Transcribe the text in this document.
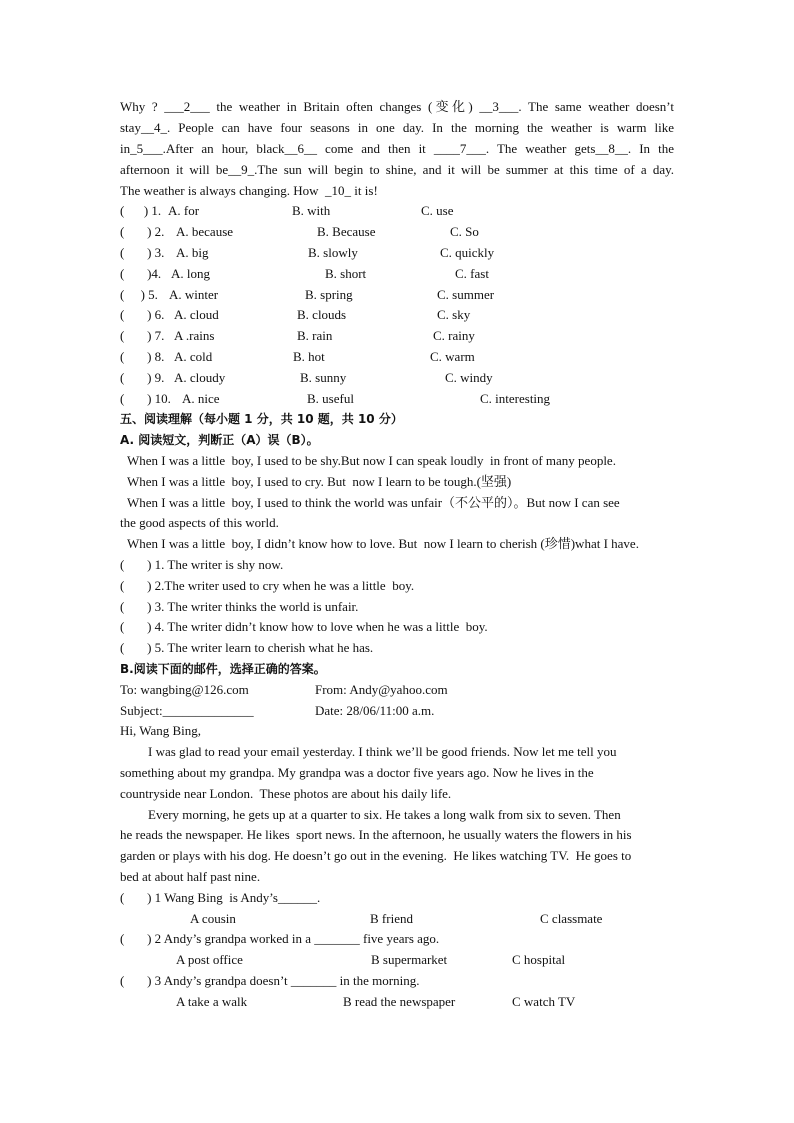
Why ? ___2___ the weather in Britain often changes (变化) __3___. The same weather doesn’t
stay__4_. People can have four seasons in one day. In the morning the weather is warm like
in_5___.After an hour, black__6__ come and then it ____7___. The weather gets__8__. In the
afternoon it will be__9_.The sun will begin to shine, and it will be summer at this time of a day.
The weather is always changing. How  _10_ it is!
(      ) 1. A. for	B. with	C. use
(       ) 2. A. because	B. Because	C. So
(       ) 3. A. big	B. slowly	C. quickly
(       )4. A. long	B. short	C. fast
(     ) 5. A. winter	B. spring	C. summer
(       ) 6. A. cloud	B. clouds	C. sky
(       ) 7. A .rains	B. rain	C. rainy
(       ) 8. A. cold	B. hot	C. warm
(       ) 9. A. cloudy	B. sunny	C. windy
(       ) 10. A. nice	B. useful	C. interesting
五、阅读理解（每小题 1 分，共 10 题，共 10 分）
A. 阅读短文，判断正（A）误（B）。
When I was a little  boy, I used to be shy.But now I can speak loudly  in front of many people.
When I was a little  boy, I used to cry. But  now I learn to be tough.(坚强)
When I was a little  boy, I used to think the world was unfair（不公平的）。But now I can see
the good aspects of this world.
When I was a little  boy, I didn’t know how to love. But  now I learn to cherish (珍惜)what I have.
(       ) 1. The writer is shy now.
(       ) 2.The writer used to cry when he was a little  boy.
(       ) 3. The writer thinks the world is unfair.
(       ) 4. The writer didn’t know how to love when he was a little  boy.
(       ) 5. The writer learn to cherish what he has.
B.阅读下面的邮件，选择正确的答案。
To: wangbing@126.com	From: Andy@yahoo.com
Subject:______________	Date: 28/06/11:00 a.m.
Hi, Wang Bing,
I was glad to read your email yesterday. I think we’ll be good friends. Now let me tell you
something about my grandpa. My grandpa was a doctor five years ago. Now he lives in the
countryside near London.  These photos are about his daily life.
Every morning, he gets up at a quarter to six. He takes a long walk from six to seven. Then
he reads the newspaper. He likes  sport news. In the afternoon, he usually waters the flowers in his
garden or plays with his dog. He doesn’t go out in the evening.  He likes watching TV.  He goes to
bed at about half past nine.
(       ) 1 Wang Bing  is Andy’s______.
A cousin	B friend	C classmate
(       ) 2 Andy’s grandpa worked in a _______ five years ago.
A post office	B supermarket	C hospital
(       ) 3 Andy’s grandpa doesn’t _______ in the morning.
A take a walk	B read the newspaper	C watch TV
